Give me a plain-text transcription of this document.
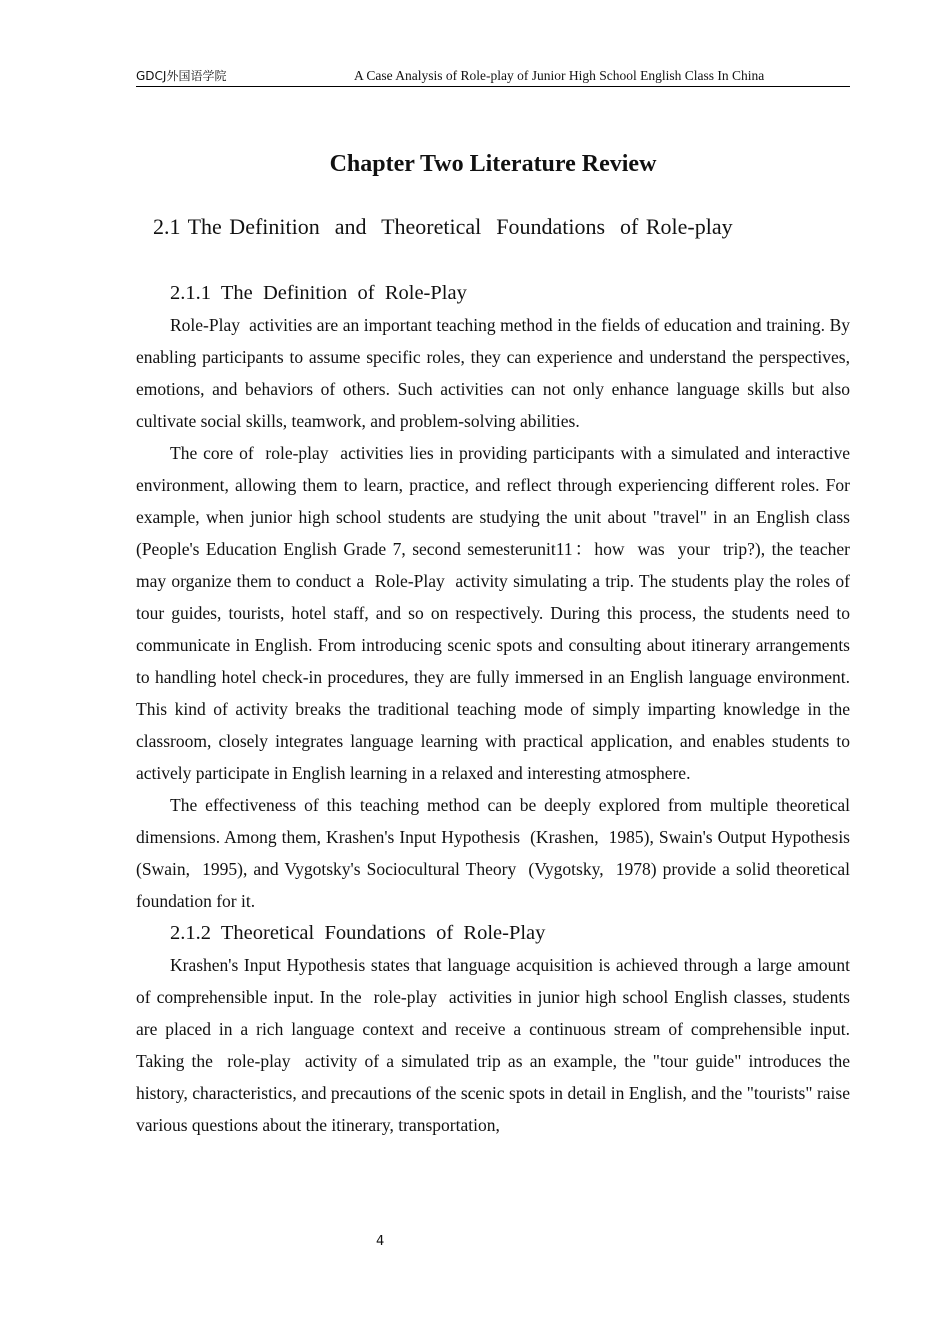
GDCJ外国语学院	A Case Analysis of Role-play of Junior High School English Class In China
Chapter Two Literature Review
2.1 The Definition  and  Theoretical  Foundations  of Role-play
2.1.1  The  Definition  of  Role-Play

Role-Play  activities are an important teaching method in the fields of education and training. By enabling participants to assume specific roles, they can experience and understand the perspectives, emotions, and behaviors of others. Such activities can not only enhance language skills but also cultivate social skills, teamwork, and problem-solving abilities.

The core of  role-play  activities lies in providing participants with a simulated and interactive environment, allowing them to learn, practice, and reflect through experiencing different roles. For example, when junior high school students are studying the unit about "travel" in an English class (People's Education English Grade 7, second semesterunit11：how  was  your  trip?), the teacher may organize them to conduct a  Role-Play  activity simulating a trip. The students play the roles of tour guides, tourists, hotel staff, and so on respectively. During this process, the students need to communicate in English. From introducing scenic spots and consulting about itinerary arrangements to handling hotel check-in procedures, they are fully immersed in an English language environment. This kind of activity breaks the traditional teaching mode of simply imparting knowledge in the classroom, closely integrates language learning with practical application, and enables students to actively participate in English learning in a relaxed and interesting atmosphere.

The effectiveness of this teaching method can be deeply explored from multiple theoretical dimensions. Among them, Krashen's Input Hypothesis  (Krashen,  1985), Swain's Output Hypothesis  (Swain,  1995), and Vygotsky's Sociocultural Theory  (Vygotsky,  1978) provide a solid theoretical foundation for it.

2.1.2  Theoretical  Foundations  of  Role-Play

Krashen's Input Hypothesis states that language acquisition is achieved through a large amount of comprehensible input. In the  role-play  activities in junior high school English classes, students are placed in a rich language context and receive a continuous stream of comprehensible input. Taking the  role-play  activity of a simulated trip as an example, the "tour guide" introduces the history, characteristics, and precautions of the scenic spots in detail in English, and the "tourists" raise various questions about the itinerary, transportation,

4
